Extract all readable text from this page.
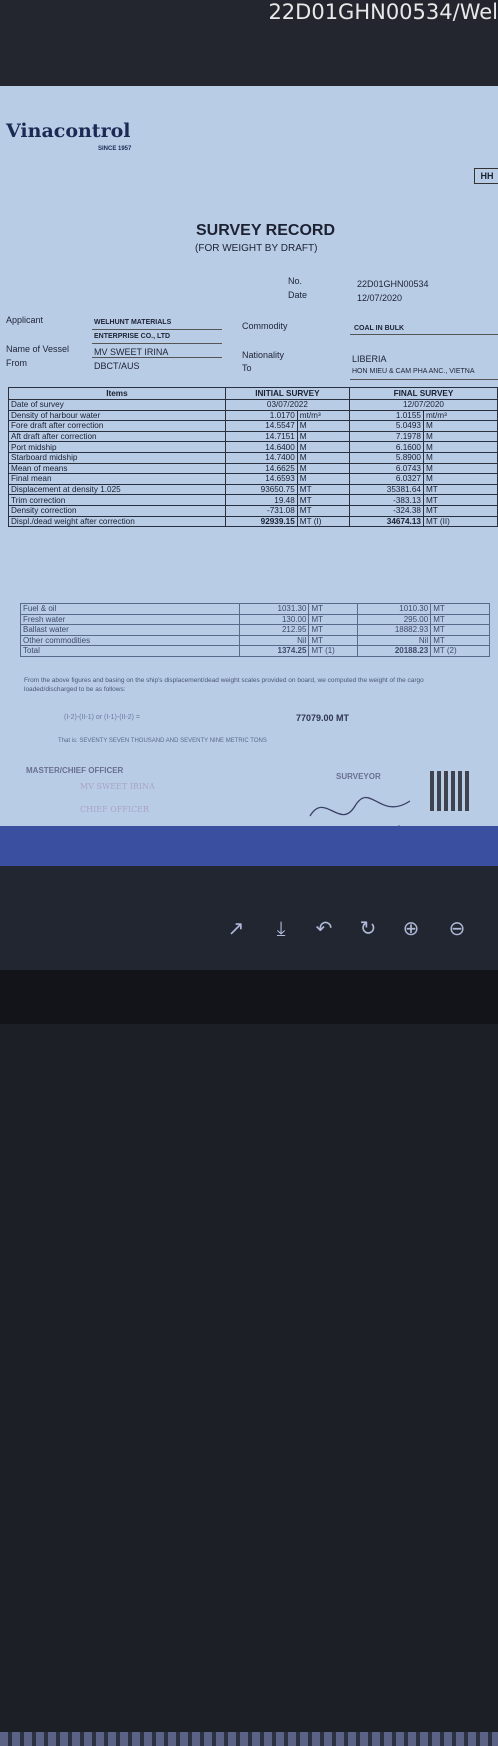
22D01GHN00534/Wel
Vinacontrol
SINCE 1957
HH
SURVEY RECORD
(FOR WEIGHT BY DRAFT)
No.	22D01GHN00534
Date	12/07/2020
Applicant	WELHUNT MATERIALS
ENTERPRISE CO., LTD
Name of Vessel	MV SWEET IRINA
From	DBCT/AUS
Commodity	COAL IN BULK
Nationality	LIBERIA
To	HON MIEU & CAM PHA ANC., VIETNA
Items	INITIAL SURVEY		FINAL SURVEY	
Date of survey	03/07/2022		12/07/2020	
Density of harbour water	1.0170	mt/m³	1.0155	mt/m³
Fore draft after correction	14.5547	M	5.0493	M
Aft draft after correction	14.7151	M	7.1978	M
Port midship	14.6400	M	6.1600	M
Starboard midship	14.7400	M	5.8900	M
Mean of means	14.6625	M	6.0743	M
Final mean	14.6593	M	6.0327	M
Displacement at density 1.025	93650.75	MT	35381.64	MT
Trim correction	19.48	MT	-383.13	MT
Density correction	-731.08	MT	-324.38	MT
Displ./dead weight after correction	92939.15	MT (I)	34674.13	MT (II)
Fuel & oil	1031.30	MT	1010.30	MT
Fresh water	130.00	MT	295.00	MT
Ballast water	212.95	MT	18882.93	MT
Other commodities	Nil	MT	Nil	MT
Total	1374.25	MT (1)	20188.23	MT (2)
From the above figures and basing on the ship's displacement/dead weight scales provided on board, we computed the weight of the cargo loaded/discharged to be as follows:
(I-2)-(II-1) or (I-1)-(II-2) =	77079.00 MT
That is: SEVENTY SEVEN THOUSAND AND SEVENTY NINE METRIC TONS
MASTER/CHIEF OFFICER
MV SWEET IRINA
CHIEF OFFICER
SURVEYOR
↗	⤓	↶ ↻ ⊕ ⊖
